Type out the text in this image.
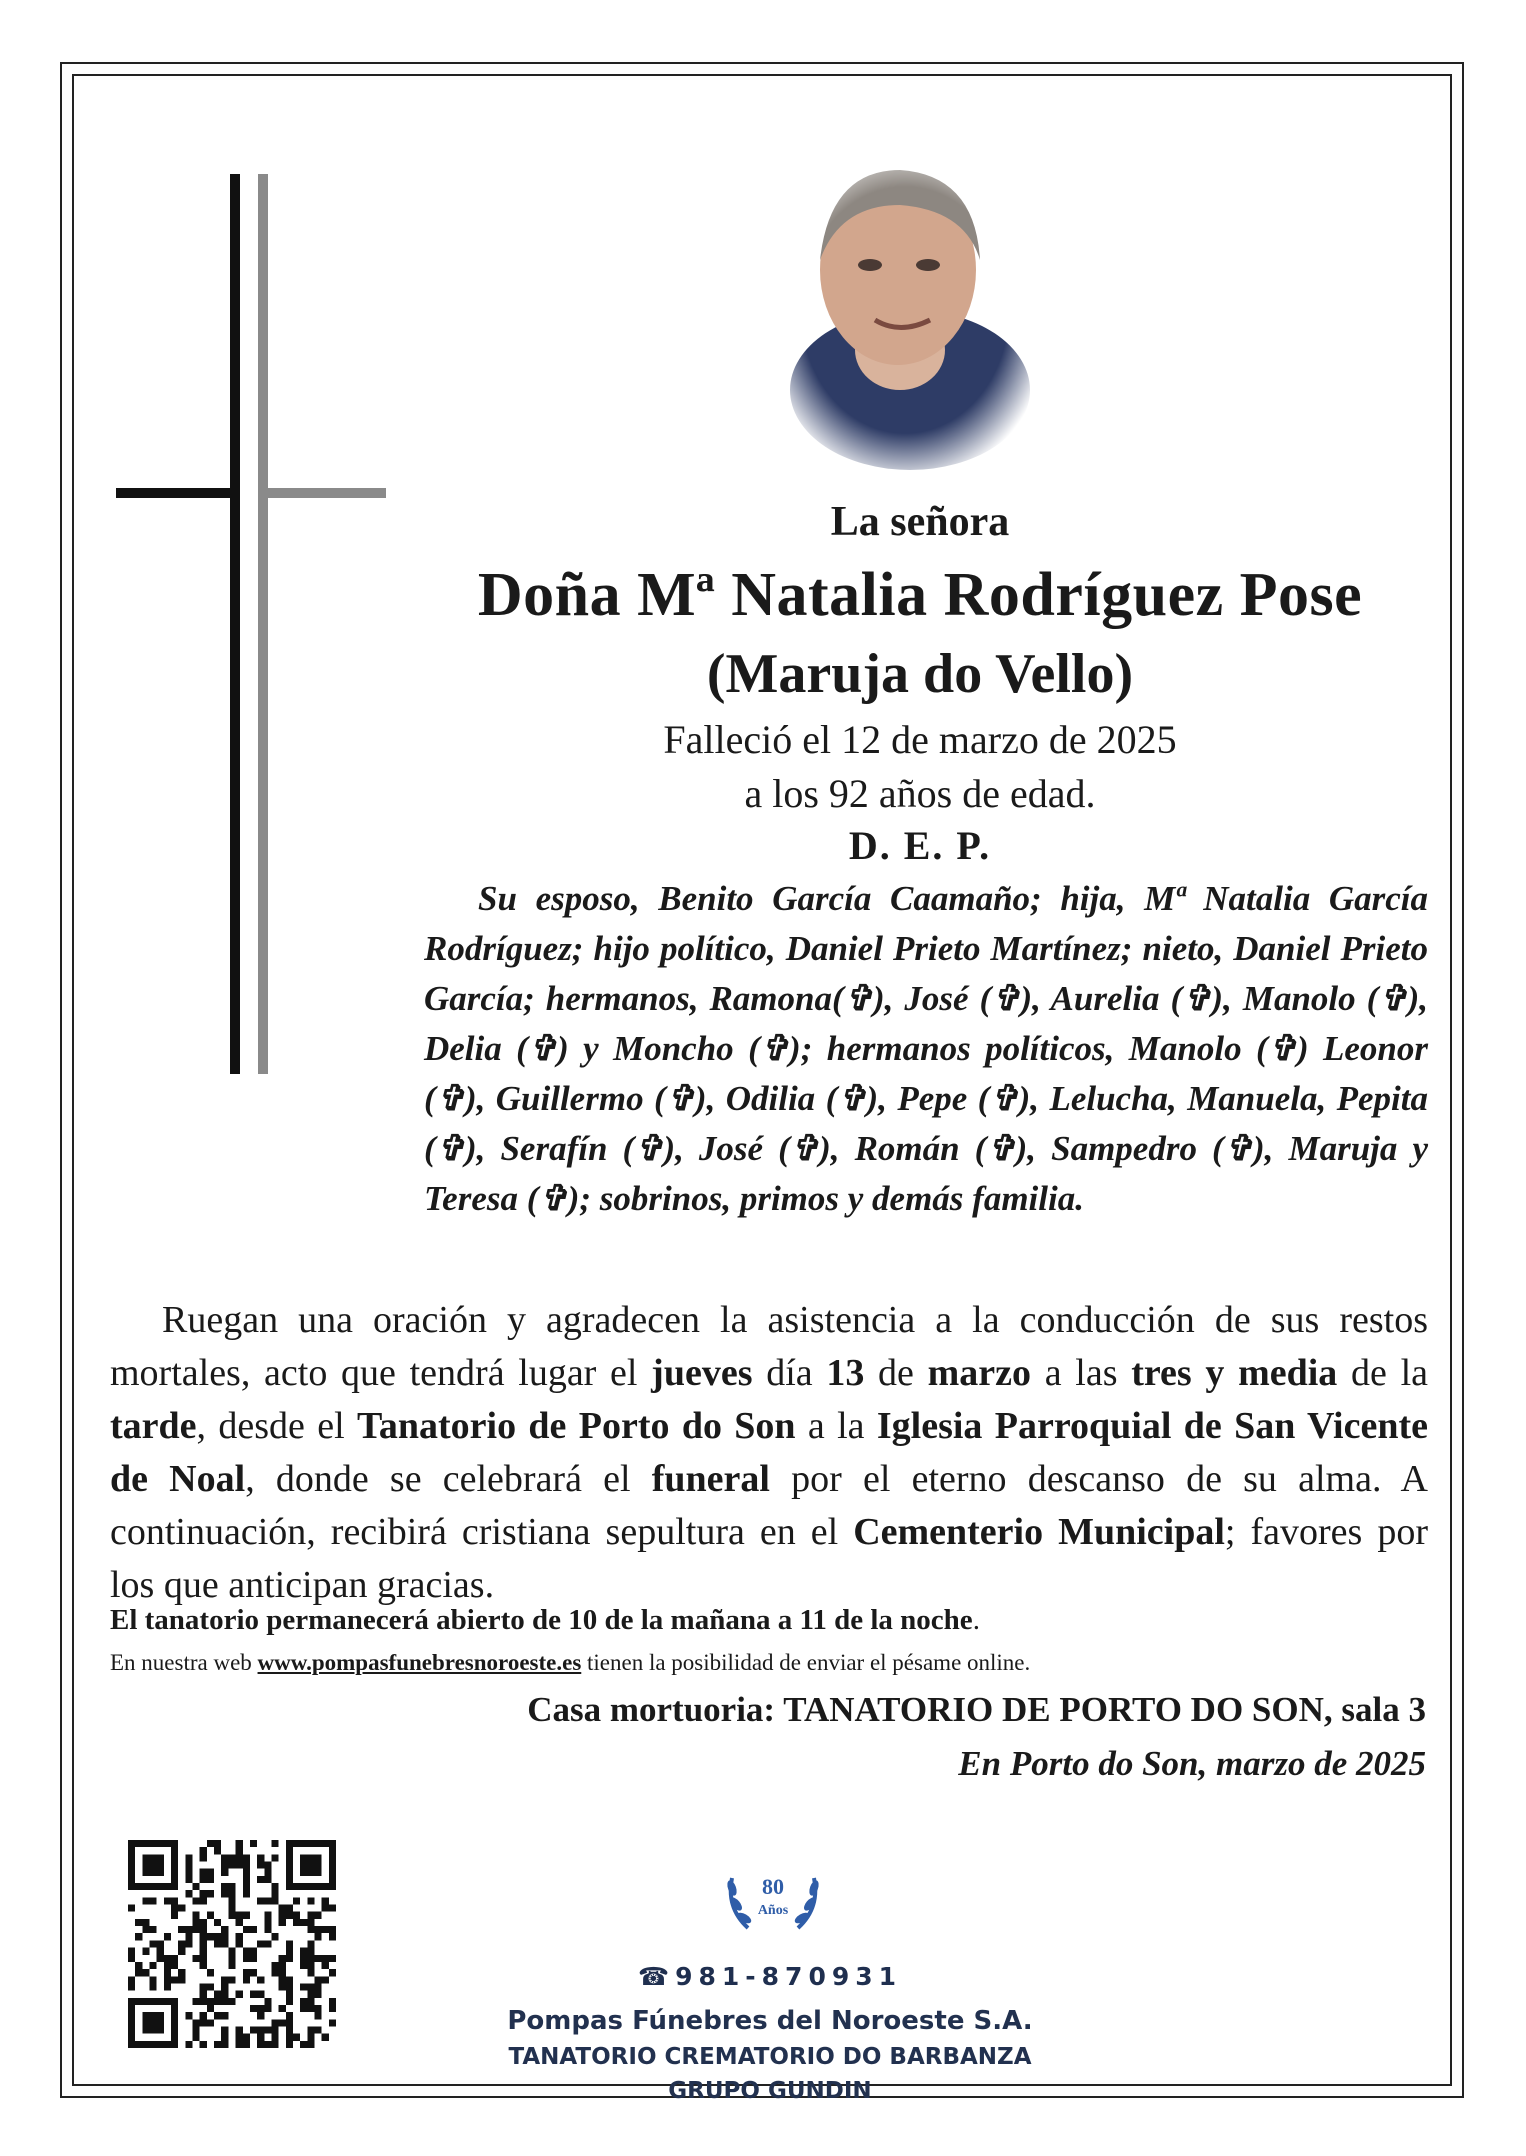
La señora

Doña Mª Natalia Rodríguez Pose

(Maruja do Vello)

Falleció el 12 de marzo de 2025

a los 92 años de edad.

D. E. P.

Su esposo, Benito García Caamaño; hija, Mª Natalia García Rodríguez; hijo político, Daniel Prieto Martínez; nieto, Daniel Prieto García; hermanos, Ramona(✞), José (✞), Aurelia (✞), Manolo (✞), Delia (✞) y Moncho (✞); hermanos políticos, Manolo (✞) Leonor (✞), Guillermo (✞), Odilia (✞), Pepe (✞), Lelucha, Manuela, Pepita (✞), Serafín (✞), José (✞), Román (✞), Sampedro (✞), Maruja y Teresa (✞); sobrinos, primos y demás familia.

Ruegan una oración y agradecen la asistencia a la conducción de sus restos mortales, acto que tendrá lugar el jueves día 13 de marzo a las tres y media de la tarde, desde el Tanatorio de Porto do Son a la Iglesia Parroquial de San Vicente de Noal, donde se celebrará el funeral por el eterno descanso de su alma. A continuación, recibirá cristiana sepultura en el Cementerio Municipal; favores por los que anticipan gracias.

El tanatorio permanecerá abierto de 10 de la mañana a 11 de la noche.

En nuestra web www.pompasfunebresnoroeste.es tienen la posibilidad de enviar el pésame online.

Casa mortuoria: TANATORIO DE PORTO DO SON, sala 3

En Porto do Son, marzo de 2025

80
Años

☎ 981-870931

Pompas Fúnebres del Noroeste S.A.

TANATORIO CREMATORIO DO BARBANZA

GRUPO GUNDIN
